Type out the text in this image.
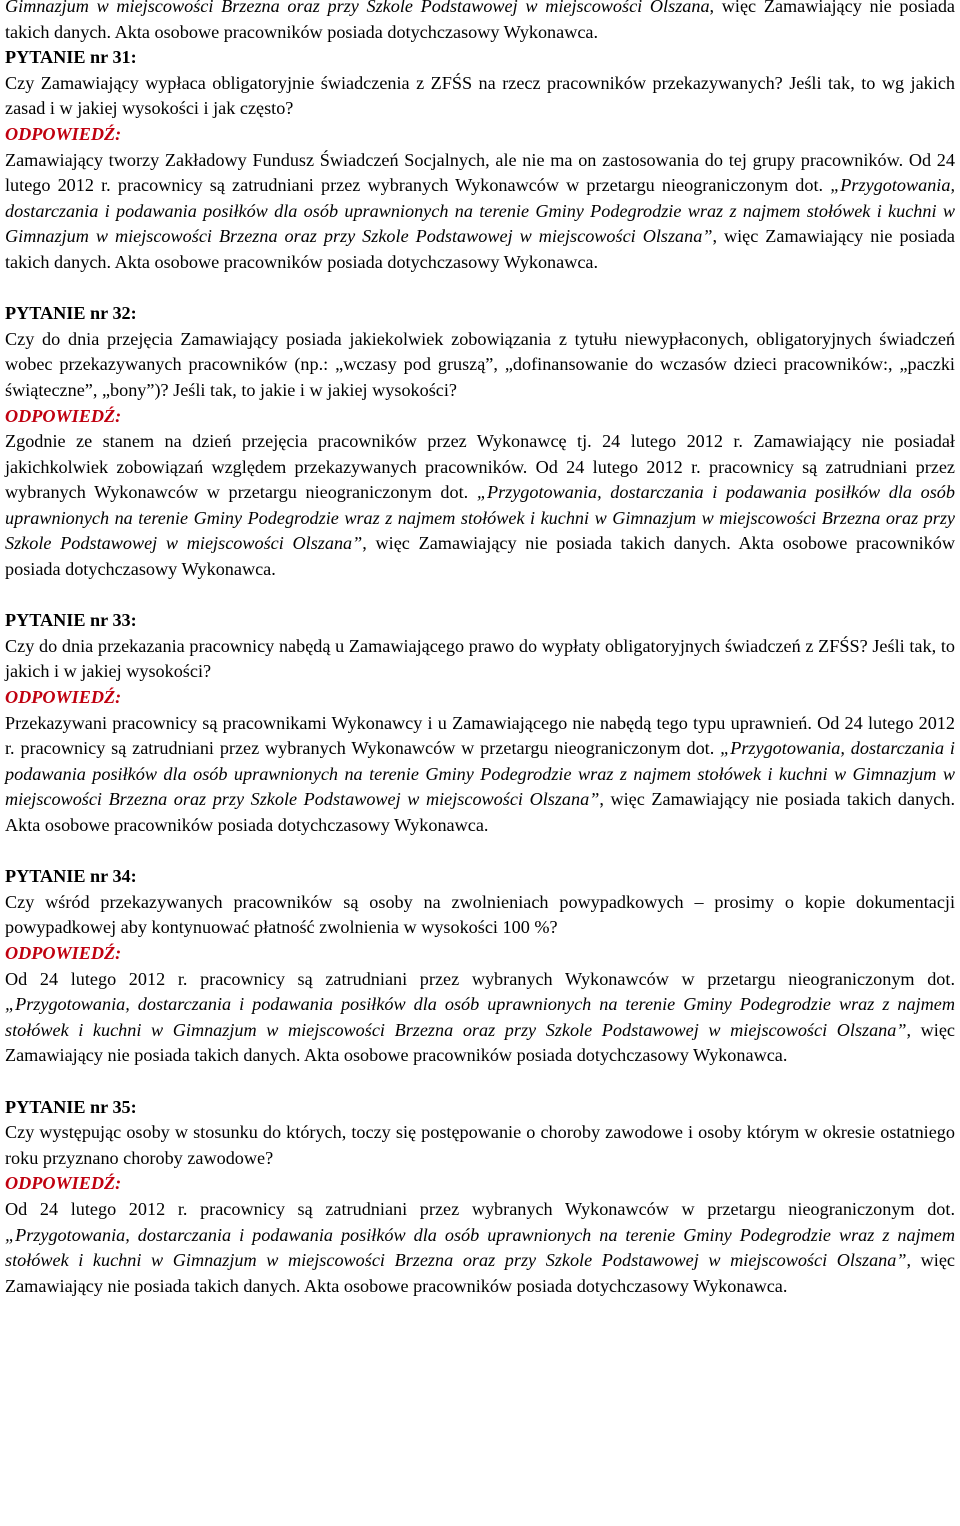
Gimnazjum w miejscowości Brzezna oraz przy Szkole Podstawowej w miejscowości Olszana, więc Zamawiający nie posiada takich danych. Akta osobowe pracowników posiada dotychczasowy Wykonawca.

PYTANIE nr 31:

Czy Zamawiający wypłaca obligatoryjnie świadczenia z ZFŚS na rzecz pracowników przekazywanych? Jeśli tak, to wg jakich zasad i w jakiej wysokości i jak często?

ODPOWIEDŹ:

Zamawiający tworzy Zakładowy Fundusz Świadczeń Socjalnych, ale nie ma on zastosowania do tej grupy pracowników. Od 24 lutego 2012 r. pracownicy są zatrudniani przez wybranych Wykonawców w przetargu nieograniczonym dot. „Przygotowania, dostarczania i podawania posiłków dla osób uprawnionych na terenie Gminy Podegrodzie wraz z najmem stołówek i kuchni w Gimnazjum w miejscowości Brzezna oraz przy Szkole Podstawowej w miejscowości Olszana”, więc Zamawiający nie posiada takich danych. Akta osobowe pracowników posiada dotychczasowy Wykonawca.

PYTANIE nr 32:

Czy do dnia przejęcia Zamawiający posiada jakiekolwiek zobowiązania z tytułu niewypłaconych, obligatoryjnych świadczeń wobec przekazywanych pracowników (np.: „wczasy pod gruszą”, „dofinansowanie do wczasów dzieci pracowników:, „paczki świąteczne”, „bony”)? Jeśli tak, to jakie i w jakiej wysokości?

ODPOWIEDŹ:

Zgodnie ze stanem na dzień przejęcia pracowników przez Wykonawcę tj. 24 lutego 2012 r. Zamawiający nie posiadał jakichkolwiek zobowiązań względem przekazywanych pracowników. Od 24 lutego 2012 r. pracownicy są zatrudniani przez wybranych Wykonawców w przetargu nieograniczonym dot. „Przygotowania, dostarczania i podawania posiłków dla osób uprawnionych na terenie Gminy Podegrodzie wraz z najmem stołówek i kuchni w Gimnazjum w miejscowości Brzezna oraz przy Szkole Podstawowej w miejscowości Olszana”, więc Zamawiający nie posiada takich danych. Akta osobowe pracowników posiada dotychczasowy Wykonawca.

PYTANIE nr 33:

Czy do dnia przekazania pracownicy nabędą u Zamawiającego prawo do wypłaty obligatoryjnych świadczeń z ZFŚS? Jeśli tak, to jakich i w jakiej wysokości?

ODPOWIEDŹ:

Przekazywani pracownicy są pracownikami Wykonawcy i u Zamawiającego nie nabędą tego typu uprawnień. Od 24 lutego 2012 r. pracownicy są zatrudniani przez wybranych Wykonawców w przetargu nieograniczonym dot. „Przygotowania, dostarczania i podawania posiłków dla osób uprawnionych na terenie Gminy Podegrodzie wraz z najmem stołówek i kuchni w Gimnazjum w miejscowości Brzezna oraz przy Szkole Podstawowej w miejscowości Olszana”, więc Zamawiający nie posiada takich danych. Akta osobowe pracowników posiada dotychczasowy Wykonawca.

PYTANIE nr 34:

Czy wśród przekazywanych pracowników są osoby na zwolnieniach powypadkowych – prosimy o kopie dokumentacji powypadkowej aby kontynuować płatność zwolnienia w wysokości 100 %?

ODPOWIEDŹ:

Od 24 lutego 2012 r. pracownicy są zatrudniani przez wybranych Wykonawców w przetargu nieograniczonym dot. „Przygotowania, dostarczania i podawania posiłków dla osób uprawnionych na terenie Gminy Podegrodzie wraz z najmem stołówek i kuchni w Gimnazjum w miejscowości Brzezna oraz przy Szkole Podstawowej w miejscowości Olszana”, więc Zamawiający nie posiada takich danych. Akta osobowe pracowników posiada dotychczasowy Wykonawca.

PYTANIE nr 35:

Czy występując osoby w stosunku do których, toczy się postępowanie o choroby zawodowe i osoby którym w okresie ostatniego roku przyznano choroby zawodowe?

ODPOWIEDŹ:

Od 24 lutego 2012 r. pracownicy są zatrudniani przez wybranych Wykonawców w przetargu nieograniczonym dot. „Przygotowania, dostarczania i podawania posiłków dla osób uprawnionych na terenie Gminy Podegrodzie wraz z najmem stołówek i kuchni w Gimnazjum w miejscowości Brzezna oraz przy Szkole Podstawowej w miejscowości Olszana”, więc Zamawiający nie posiada takich danych. Akta osobowe pracowników posiada dotychczasowy Wykonawca.
